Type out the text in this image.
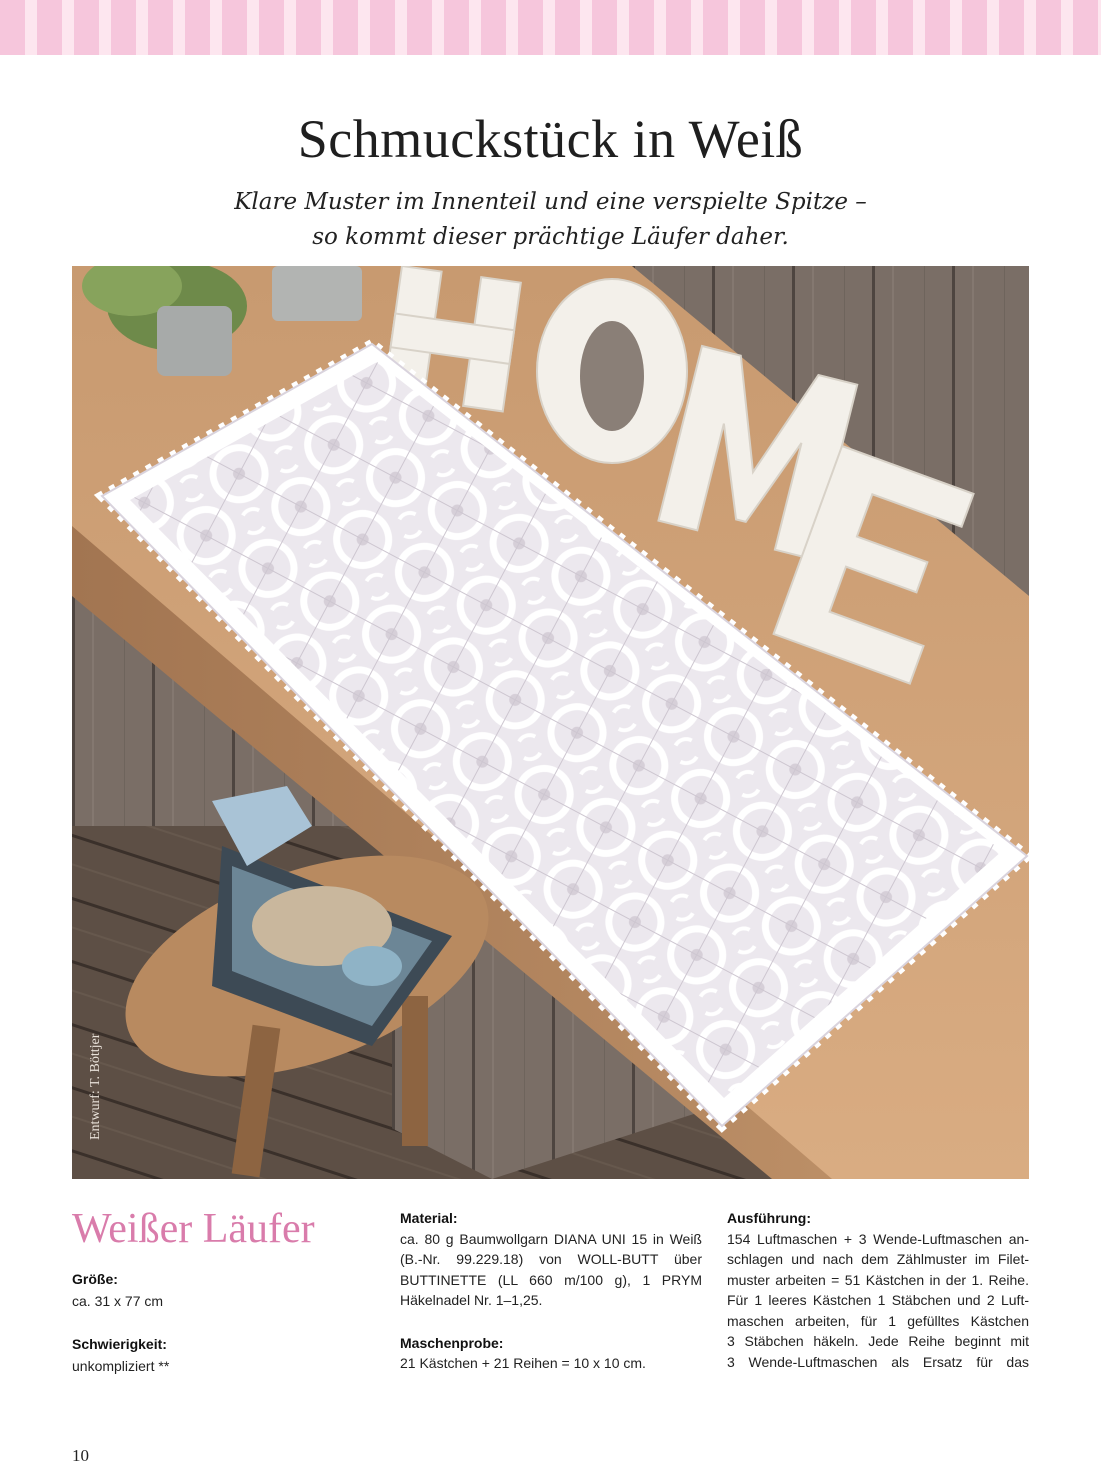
Schmuckstück in Weiß
Klare Muster im Innenteil und eine verspielte Spitze –
so kommt dieser prächtige Läufer daher.
Entwurf: T. Böttjer
Weißer Läufer
Größe:
ca. 31 x 77 cm
Schwierigkeit:
unkompliziert **
Material:
ca. 80 g Baumwollgarn DIANA UNI 15 in Weiß
(B.-Nr. 99.229.18) von WOLL-BUTT über
BUTTINETTE (LL 660 m/100 g), 1 PRYM
Häkelnadel Nr. 1–1,25.
Maschenprobe:
21 Kästchen + 21 Reihen = 10 x 10 cm.
Ausführung:
154 Luftmaschen + 3 Wende-Luftmaschen an-
schlagen und nach dem Zählmuster im Filet-
muster arbeiten = 51 Kästchen in der 1. Reihe.
Für 1 leeres Kästchen 1 Stäbchen und 2 Luft-
maschen arbeiten, für 1 gefülltes Kästchen
3 Stäbchen häkeln. Jede Reihe beginnt mit
3 Wende-Luftmaschen als Ersatz für das
10
